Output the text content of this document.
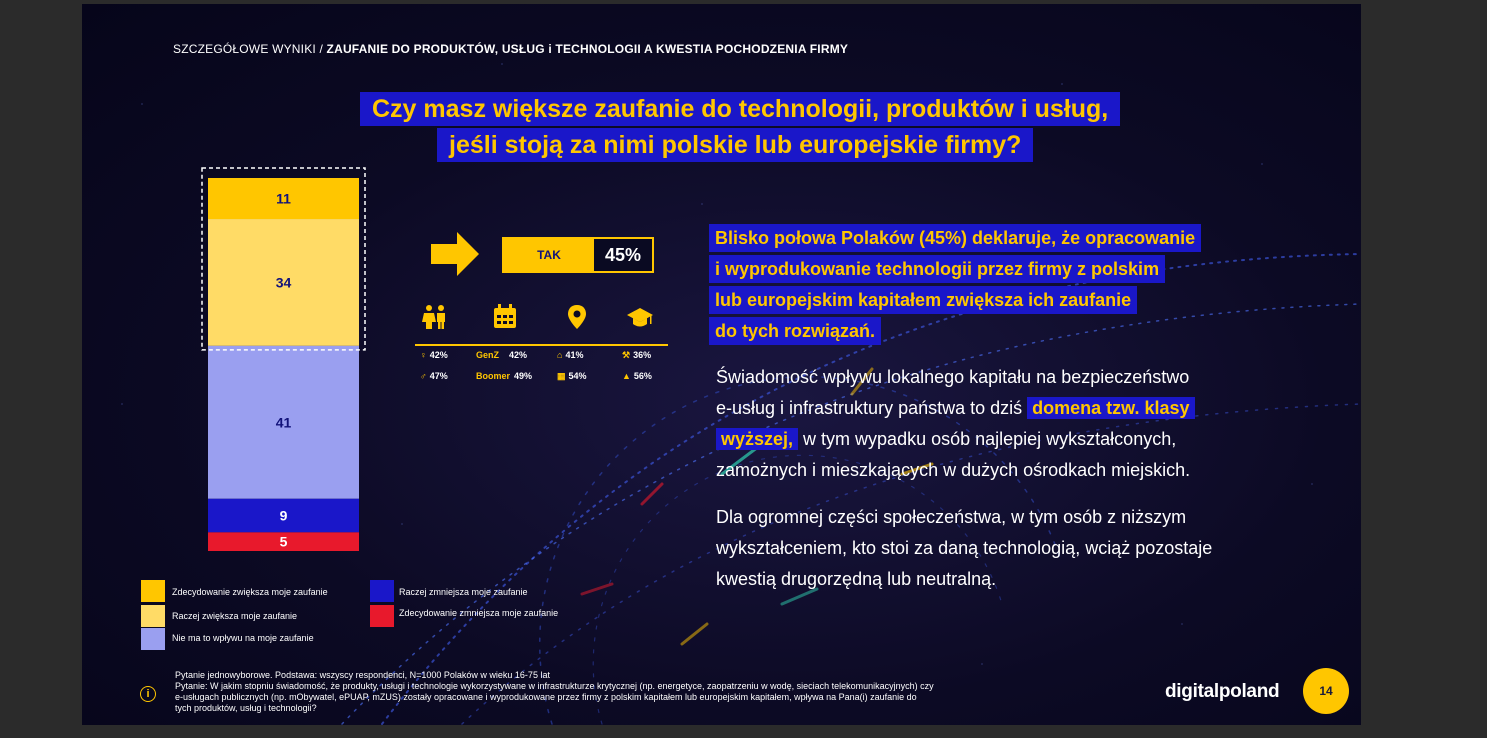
SZCZEGÓŁOWE WYNIKI / ZAUFANIE DO PRODUKTÓW, USŁUG i TECHNOLOGII A KWESTIA POCHODZENIA FIRMY
Czy masz większe zaufanie do technologii, produktów i usług,
jeśli stoją za nimi polskie lub europejskie firmy?
11
34
41
9
5
TAK	45%
♀ 42%
♂ 47%
GenZ 42%
Boomer 49%
⌂ 41%
▦ 54%
⚒ 36%
▲ 56%
Zdecydowanie zwiększa moje zaufanie
Raczej zwiększa moje zaufanie
Nie ma to wpływu na moje zaufanie
Raczej zmniejsza moje zaufanie
Zdecydowanie zmniejsza moje zaufanie
Blisko połowa Polaków (45%) deklaruje, że opracowanie
i wyprodukowanie technologii przez firmy z polskim
lub europejskim kapitałem zwiększa ich zaufanie
do tych rozwiązań.
Świadomość wpływu lokalnego kapitału na bezpieczeństwo
e-usług i infrastruktury państwa to dziś domena tzw. klasy
wyższej, w tym wypadku osób najlepiej wykształconych,
zamożnych i mieszkających w dużych ośrodkach miejskich.
Dla ogromnej części społeczeństwa, w tym osób z niższym
wykształceniem, kto stoi za daną technologią, wciąż pozostaje
kwestią drugorzędną lub neutralną.
i
Pytanie jednowyborowe. Podstawa: wszyscy respondenci, N=1000 Polaków w wieku 16-75 lat
Pytanie: W jakim stopniu świadomość, że produkty, usługi i technologie wykorzystywane w infrastrukturze krytycznej (np. energetyce, zaopatrzeniu w wodę, sieciach telekomunikacyjnych) czy e-usługach publicznych (np. mObywatel, ePUAP, mZUS) zostały opracowane i wyprodukowane przez firmy z polskim kapitałem lub europejskim kapitałem, wpływa na Pana(i) zaufanie do tych produktów, usług i technologii?
digitalpoland	14
